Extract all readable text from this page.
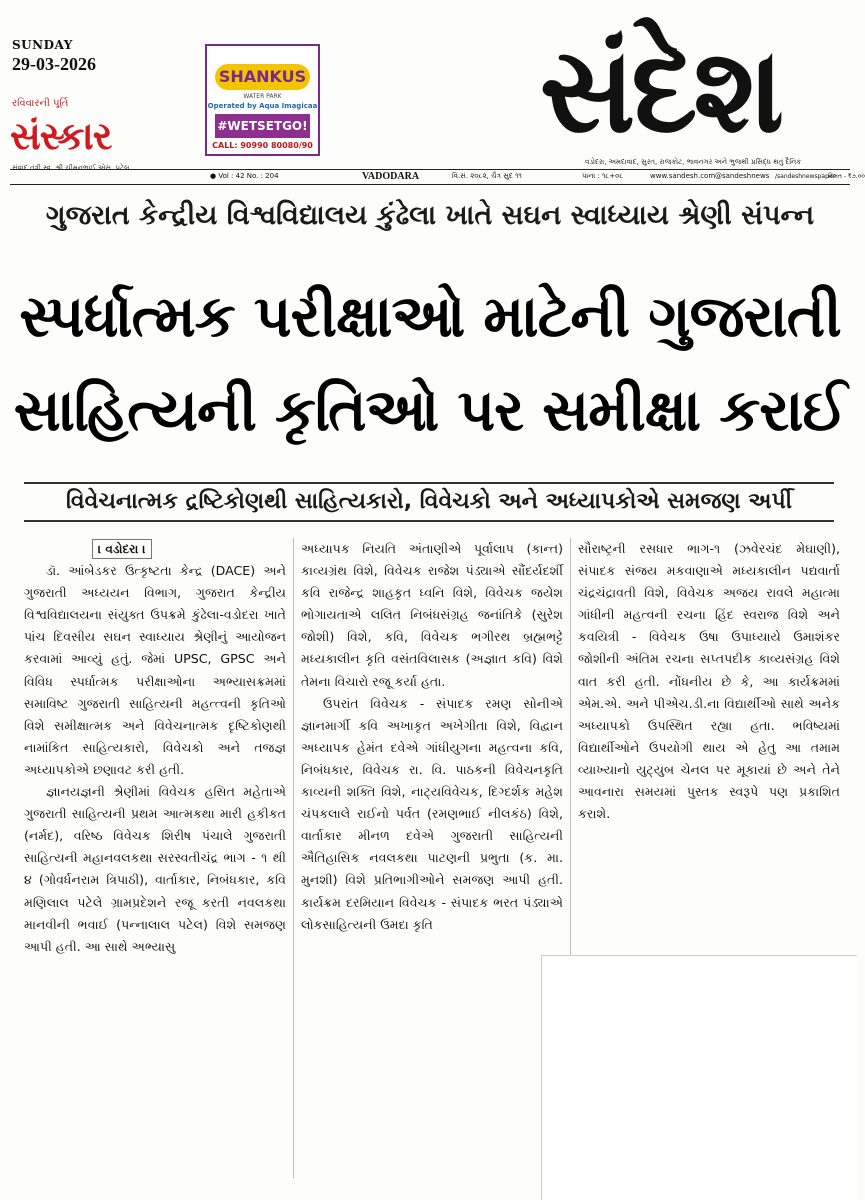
SUNDAY
29-03-2026
રવિવારની પૂર્તિ
સંસ્કાર
સંવાદ તંત્રી સ્વ. શ્રી ચીમનભાઈ એસ. પટેલ
SHANKUS
WATER PARK
Operated by Aqua Imagicaa
#WETSETGO!
CALL: 90990 80080/90	સંદેશ
વડોદરા, અમદાવાદ, સુરત, રાજકોટ, ભાવનગર અને ભુજથી પ્રસિદ્ધ થતું દૈનિક
● Vol : 42 No. : 204	VADODARA	વિ.સં. ૨૦૮૨, ચૈત્ર સુદ ૧૧	પાના : ૧૮+૦૮	www.sandesh.com @sandeshnews /sandeshnewspaper
કિંમત - ₹૭.૦૦
ગુજરાત કેન્દ્રીય વિશ્વવિદ્યાલય કુંઢેલા ખાતે સઘન સ્વાધ્યાય શ્રેણી સંપન્ન
સ્પર્ધાત્મક પરીક્ષાઓ માટેની ગુજરાતી
સાહિત્યની કૃતિઓ પર સમીક્ષા કરાઈ
વિવેચનાત્મક દ્રષ્ટિકોણથી સાહિત્યકારો, વિવેચકો અને અધ્યાપકોએ સમજણ અર્પી
। વડોદરા ।

ડૉ. આંબેડકર ઉત્કૃષ્ટતા કેન્દ્ર (DACE) અને ગુજરાતી અધ્યયન વિભાગ, ગુજરાત કેન્દ્રીય વિશ્વવિદ્યાલયના સંયુક્ત ઉપક્રમે કુંઢેલા-વડોદરા ખાતે પાંચ દિવસીય સઘન સ્વાધ્યાય શ્રેણીનું આયોજન કરવામાં આવ્યું હતું. જેમાં UPSC, GPSC અને વિવિધ સ્પર્ધાત્મક પરીક્ષાઓના અભ્યાસક્રમમાં સમાવિષ્ટ ગુજરાતી સાહિત્યની મહત્ત્વની કૃતિઓ વિશે સમીક્ષાત્મક અને વિવેચનાત્મક દૃષ્ટિકોણથી નામાંકિત સાહિત્યકારો, વિવેચકો અને તજજ્ઞ અધ્યાપકોએ છણાવટ કરી હતી.

જ્ઞાનયજ્ઞની શ્રેણીમાં વિવેચક હસિત મહેતાએ ગુજરાતી સાહિત્યની પ્રથમ આત્મકથા મારી હકીકત (નર્મદ), વરિષ્ઠ વિવેચક શિરીષ પંચાલે ગુજરાતી સાહિત્યની મહાનવલકથા સરસ્વતીચંદ્ર ભાગ - ૧ થી ૪ (ગોવર્ધનરામ ત્રિપાઠી), વાર્તાકાર, નિબંધકાર, કવિ મણિલાલ પટેલે ગ્રામપ્રદેશને રજૂ કરતી નવલકથા માનવીની ભવાઈ (પન્નાલાલ પટેલ) વિશે સમજણ આપી હતી. આ સાથે અભ્યાસુ

અધ્યાપક નિયતિ અંતાણીએ પૂર્વાલાપ (કાન્ત) કાવ્યગ્રંથ વિશે, વિવેચક રાજેશ પંડ્યાએ સૌંદર્યદર્શી કવિ રાજેન્દ્ર શાહકૃત ધ્વનિ વિશે, વિવેચક જયેશ ભોગાયતાએ લલિત નિબંધસંગ્રહ જનાંતિકે (સુરેશ જોશી) વિશે, કવિ, વિવેચક ભગીરથ બ્રહ્મભટ્ટે મધ્યકાલીન કૃતિ વસંતવિલાસક (અજ્ઞાત કવિ) વિશે તેમના વિચારો રજૂ કર્યા હતા.

ઉપરાંત વિવેચક - સંપાદક રમણ સોનીએ જ્ઞાનમાર્ગી કવિ અખાકૃત અખેગીતા વિશે, વિદ્વાન અધ્યાપક હેમંત દવેએ ગાંધીયુગના મહત્વના કવિ, નિબંધકાર, વિવેચક રા. વિ. પાઠકની વિવેચનકૃતિ કાવ્યની શક્તિ વિશે, નાટ્યવિવેચક, દિગ્દર્શક મહેશ ચંપકલાલે રાઈનો પર્વત (રમણભાઈ નીલકંઠ) વિશે, વાર્તાકાર મીનળ દવેએ ગુજરાતી સાહિત્યની ઐતિહાસિક નવલકથા પાટણની પ્રભુતા (ક. મા. મુનશી) વિશે પ્રતિભાગીઓને સમજણ આપી હતી. કાર્યક્રમ દરમિયાન વિવેચક - સંપાદક ભરત પંડ્યાએ લોકસાહિત્યની ઉમદા કૃતિ

સૌરાષ્ટ્રની રસધાર ભાગ-૧ (ઝવેરચંદ મેઘાણી), સંપાદક સંજય મકવાણાએ મધ્યકાલીન પદ્યવાર્તા ચંદ્રચંદ્રાવતી વિશે, વિવેચક અજય રાવલે મહાત્મા ગાંધીની મહત્વની રચના હિંદ સ્વરાજ વિશે અને કવયિત્રી - વિવેચક ઉષા ઉપાધ્યાયે ઉમાશંકર જોશીની અંતિમ રચના સપ્તપદીક કાવ્યસંગ્રહ વિશે વાત કરી હતી. નોંધનીય છે કે, આ કાર્યક્રમમાં એમ.એ. અને પીએચ.ડી.ના વિદ્યાર્થીઓ સાથે અનેક અધ્યાપકો ઉપસ્થિત રહ્યા હતા. ભવિષ્યમાં વિદ્યાર્થીઓને ઉપયોગી થાય એ હેતુ આ તમામ વ્યાખ્યાનો યુટ્યુબ ચેનલ પર મૂકાયાં છે અને તેને આવનારા સમયમાં પુસ્તક સ્વરૂપે પણ પ્રકાશિત કરાશે.
